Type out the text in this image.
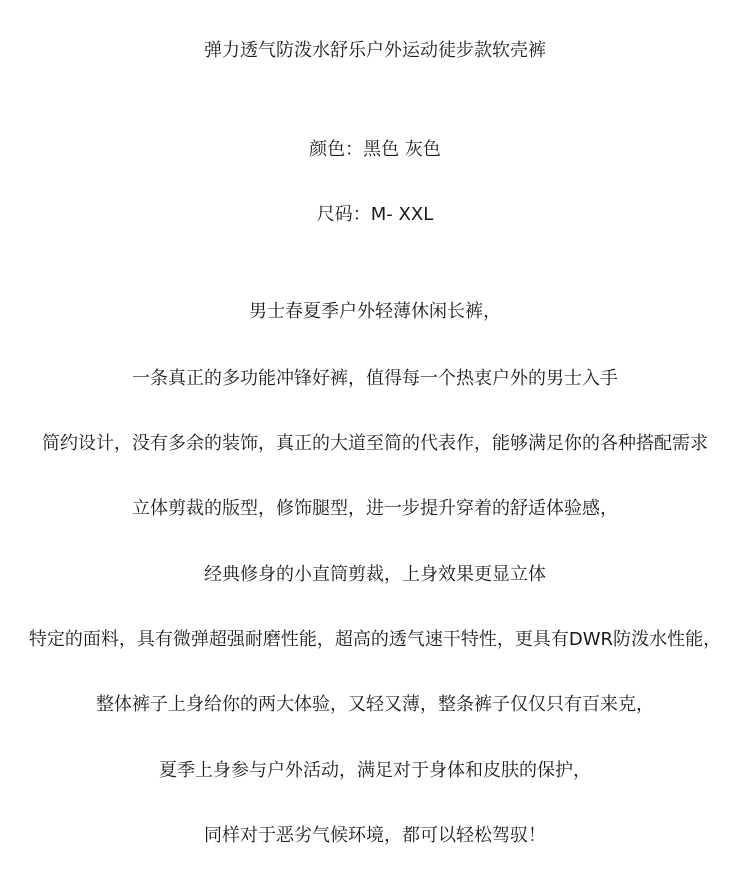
弹力透气防泼水舒乐户外运动徒步款软壳裤
颜色：黑色 灰色
尺码：M- XXL
男士春夏季户外轻薄休闲长裤，
一条真正的多功能冲锋好裤，值得每一个热衷户外的男士入手
简约设计，没有多余的装饰，真正的大道至简的代表作，能够满足你的各种搭配需求
立体剪裁的版型，修饰腿型，进一步提升穿着的舒适体验感，
经典修身的小直筒剪裁，上身效果更显立体
特定的面料，具有微弹超强耐磨性能，超高的透气速干特性，更具有DWR防泼水性能，
整体裤子上身给你的两大体验，又轻又薄，整条裤子仅仅只有百来克，
夏季上身参与户外活动，满足对于身体和皮肤的保护，
同样对于恶劣气候环境，都可以轻松驾驭！
